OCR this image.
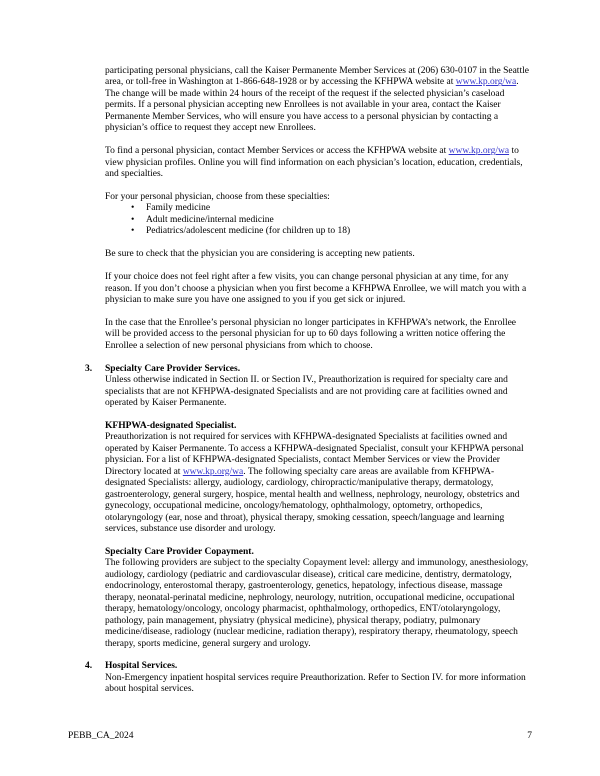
participating personal physicians, call the Kaiser Permanente Member Services at (206) 630-0107 in the Seattle area, or toll-free in Washington at 1-866-648-1928 or by accessing the KFHPWA website at www.kp.org/wa. The change will be made within 24 hours of the receipt of the request if the selected physician’s caseload permits. If a personal physician accepting new Enrollees is not available in your area, contact the Kaiser Permanente Member Services, who will ensure you have access to a personal physician by contacting a physician’s office to request they accept new Enrollees.

To find a personal physician, contact Member Services or access the KFHPWA website at www.kp.org/wa to view physician profiles. Online you will find information on each physician’s location, education, credentials, and specialties.

For your personal physician, choose from these specialties:

• Family medicine
• Adult medicine/internal medicine
• Pediatrics/adolescent medicine (for children up to 18)

Be sure to check that the physician you are considering is accepting new patients.

If your choice does not feel right after a few visits, you can change personal physician at any time, for any reason. If you don’t choose a physician when you first become a KFHPWA Enrollee, we will match you with a physician to make sure you have one assigned to you if you get sick or injured.

In the case that the Enrollee’s personal physician no longer participates in KFHPWA’s network, the Enrollee will be provided access to the personal physician for up to 60 days following a written notice offering the Enrollee a selection of new personal physicians from which to choose.

3. Specialty Care Provider Services.

Unless otherwise indicated in Section II. or Section IV., Preauthorization is required for specialty care and specialists that are not KFHPWA-designated Specialists and are not providing care at facilities owned and operated by Kaiser Permanente.

KFHPWA-designated Specialist.

Preauthorization is not required for services with KFHPWA-designated Specialists at facilities owned and operated by Kaiser Permanente. To access a KFHPWA-designated Specialist, consult your KFHPWA personal physician. For a list of KFHPWA-designated Specialists, contact Member Services or view the Provider Directory located at www.kp.org/wa. The following specialty care areas are available from KFHPWA-designated Specialists: allergy, audiology, cardiology, chiropractic/manipulative therapy, dermatology, gastroenterology, general surgery, hospice, mental health and wellness, nephrology, neurology, obstetrics and gynecology, occupational medicine, oncology/hematology, ophthalmology, optometry, orthopedics, otolaryngology (ear, nose and throat), physical therapy, smoking cessation, speech/language and learning services, substance use disorder and urology.

Specialty Care Provider Copayment.

The following providers are subject to the specialty Copayment level: allergy and immunology, anesthesiology, audiology, cardiology (pediatric and cardiovascular disease), critical care medicine, dentistry, dermatology, endocrinology, enterostomal therapy, gastroenterology, genetics, hepatology, infectious disease, massage therapy, neonatal-perinatal medicine, nephrology, neurology, nutrition, occupational medicine, occupational therapy, hematology/oncology, oncology pharmacist, ophthalmology, orthopedics, ENT/otolaryngology, pathology, pain management, physiatry (physical medicine), physical therapy, podiatry, pulmonary medicine/disease, radiology (nuclear medicine, radiation therapy), respiratory therapy, rheumatology, speech therapy, sports medicine, general surgery and urology.

4. Hospital Services.

Non-Emergency inpatient hospital services require Preauthorization. Refer to Section IV. for more information about hospital services.

PEBB_CA_2024	7
